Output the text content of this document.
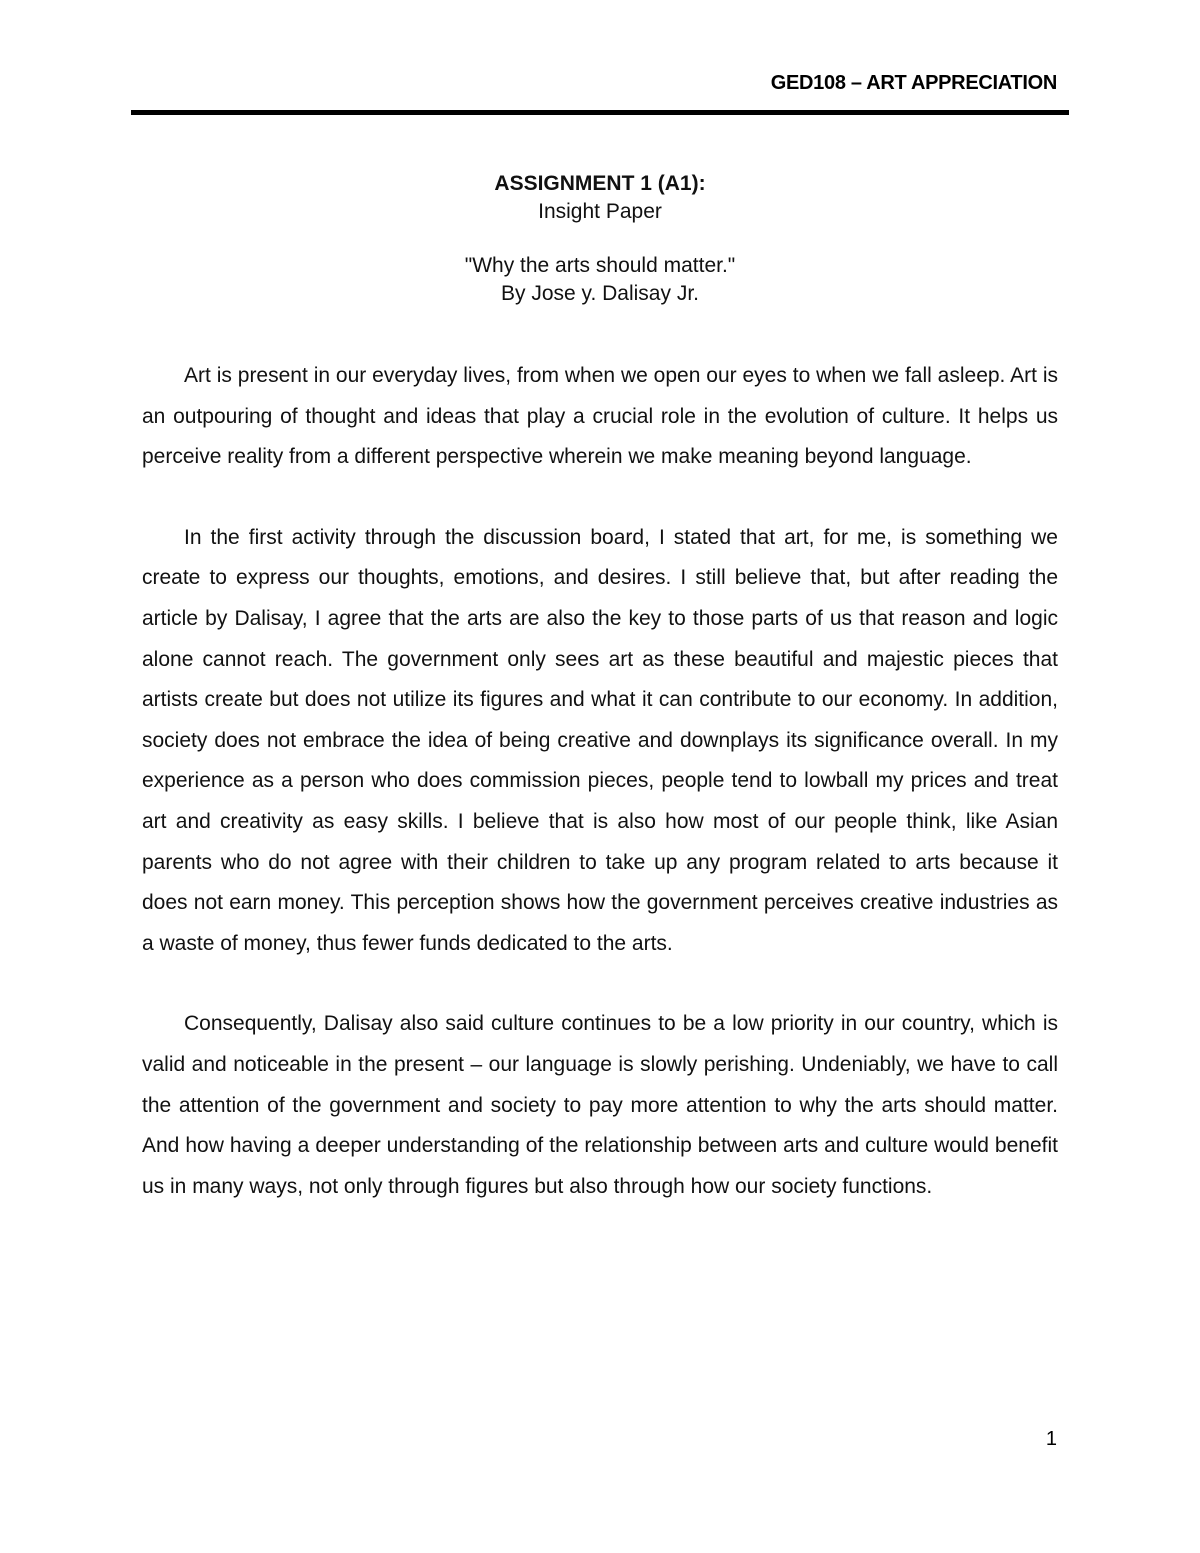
GED108 – ART APPRECIATION

ASSIGNMENT 1 (A1):

Insight Paper

"Why the arts should matter."

By Jose y. Dalisay Jr.

Art is present in our everyday lives, from when we open our eyes to when we fall asleep. Art is an outpouring of thought and ideas that play a crucial role in the evolution of culture. It helps us perceive reality from a different perspective wherein we make meaning beyond language.

In the first activity through the discussion board, I stated that art, for me, is something we create to express our thoughts, emotions, and desires. I still believe that, but after reading the article by Dalisay, I agree that the arts are also the key to those parts of us that reason and logic alone cannot reach. The government only sees art as these beautiful and majestic pieces that artists create but does not utilize its figures and what it can contribute to our economy. In addition, society does not embrace the idea of being creative and downplays its significance overall. In my experience as a person who does commission pieces, people tend to lowball my prices and treat art and creativity as easy skills. I believe that is also how most of our people think, like Asian parents who do not agree with their children to take up any program related to arts because it does not earn money. This perception shows how the government perceives creative industries as a waste of money, thus fewer funds dedicated to the arts.

Consequently, Dalisay also said culture continues to be a low priority in our country, which is valid and noticeable in the present – our language is slowly perishing. Undeniably, we have to call the attention of the government and society to pay more attention to why the arts should matter. And how having a deeper understanding of the relationship between arts and culture would benefit us in many ways, not only through figures but also through how our society functions.

1
